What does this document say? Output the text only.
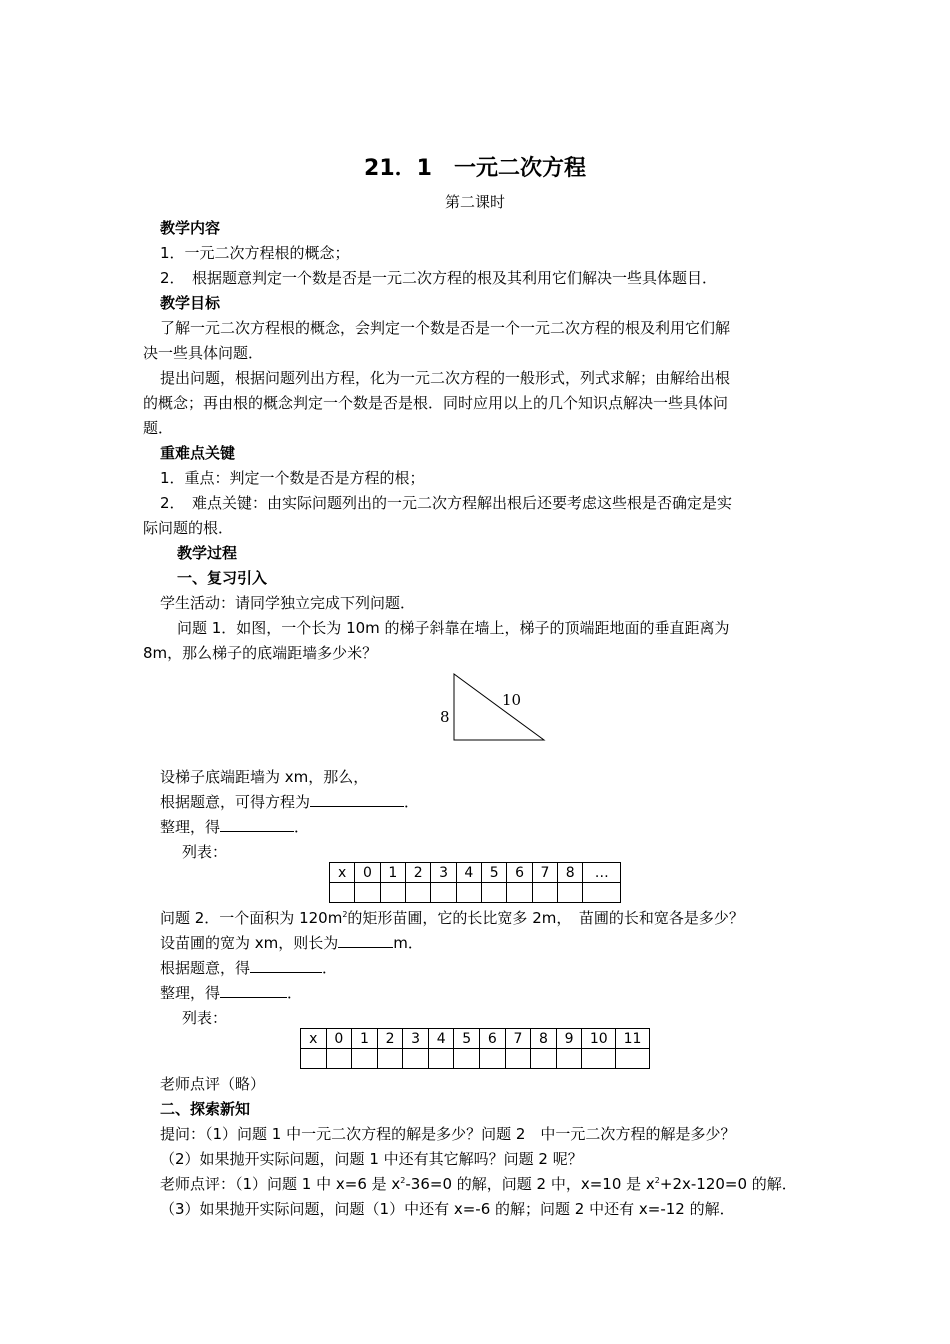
21．1　一元二次方程
第二课时
教学内容
1．一元二次方程根的概念；
2．　根据题意判定一个数是否是一元二次方程的根及其利用它们解决一些具体题目．
教学目标
了解一元二次方程根的概念，会判定一个数是否是一个一元二次方程的根及利用它们解
决一些具体问题．
提出问题，根据问题列出方程，化为一元二次方程的一般形式，列式求解；由解给出根
的概念；再由根的概念判定一个数是否是根．同时应用以上的几个知识点解决一些具体问
题．
重难点关键
1．重点：判定一个数是否是方程的根；
2．　难点关键：由实际问题列出的一元二次方程解出根后还要考虑这些根是否确定是实
际问题的根．
教学过程
一、复习引入
学生活动：请同学独立完成下列问题．
问题 1．如图，一个长为 10m 的梯子斜靠在墙上，梯子的顶端距地面的垂直距离为
8m，那么梯子的底端距墙多少米？
8
10
设梯子底端距墙为 xm，那么，
根据题意，可得方程为	．
整理，得	．
列表：
x	0	1	2	3	4	5	6	7	8	…

问题 2．一个面积为 $120m^2$的矩形苗圃，它的长比宽多 2m，　苗圃的长和宽各是多少？
设苗圃的宽为 xm，则长为	m．
根据题意，得	．
整理，得	．
列表：
x	0	1	2	3	4	5	6	7	8	9	10	11

老师点评（略）
二、探索新知
提问：（1）问题 1 中一元二次方程的解是多少？问题 2　中一元二次方程的解是多少？
（2）如果抛开实际问题，问题 1 中还有其它解吗？问题 2 呢？
老师点评：（1）问题 1 中 x=6 是 $x^2-36=0$ 的解，问题 2 中，x=10 是 $x^2+2x-120=0$ 的解．
（3）如果抛开实际问题，问题（1）中还有 x=-6 的解；问题 2 中还有 x=-12 的解．
